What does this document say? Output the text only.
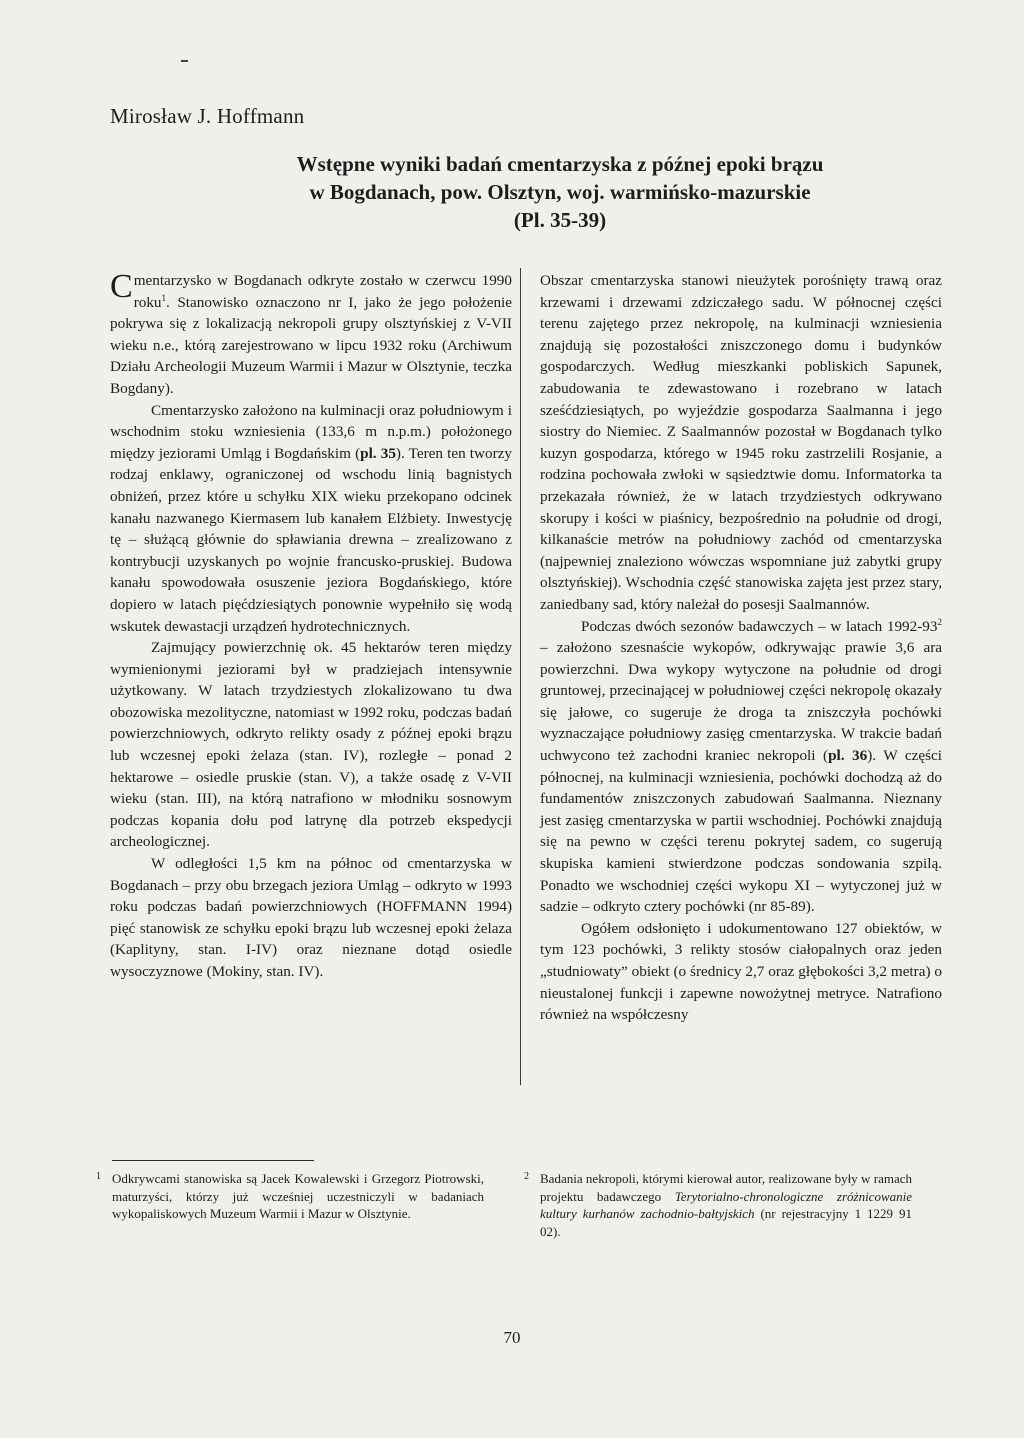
Mirosław J. Hoffmann
Wstępne wyniki badań cmentarzyska z późnej epoki brązu
w Bogdanach, pow. Olsztyn, woj. warmińsko-mazurskie
(Pl. 35-39)

Cmentarzysko w Bogdanach odkryte zostało w czerwcu 1990 roku$^1$. Stanowisko oznaczono nr I, jako że jego położenie pokrywa się z lokalizacją nekropoli grupy olsztyńskiej z V-VII wieku n.e., którą zarejestrowano w lipcu 1932 roku (Archiwum Działu Archeologii Muzeum Warmii i Mazur w Olsztynie, teczka Bogdany).

Cmentarzysko założono na kulminacji oraz południowym i wschodnim stoku wzniesienia (133,6 m n.p.m.) położonego między jeziorami Umląg i Bogdańskim (pl. 35). Teren ten tworzy rodzaj enklawy, ograniczonej od wschodu linią bagnistych obniżeń, przez które u schyłku XIX wieku przekopano odcinek kanału nazwanego Kiermasem lub kanałem Elżbiety. Inwestycję tę – służącą głównie do spławiania drewna – zrealizowano z kontrybucji uzyskanych po wojnie francusko-pruskiej. Budowa kanału spowodowała osuszenie jeziora Bogdańskiego, które dopiero w latach pięćdziesiątych ponownie wypełniło się wodą wskutek dewastacji urządzeń hydrotechnicznych.

Zajmujący powierzchnię ok. 45 hektarów teren między wymienionymi jeziorami był w pradziejach intensywnie użytkowany. W latach trzydziestych zlokalizowano tu dwa obozowiska mezolityczne, natomiast w 1992 roku, podczas badań powierzchniowych, odkryto relikty osady z późnej epoki brązu lub wczesnej epoki żelaza (stan. IV), rozległe – ponad 2 hektarowe – osiedle pruskie (stan. V), a także osadę z V-VII wieku (stan. III), na którą natrafiono w młodniku sosnowym podczas kopania dołu pod latrynę dla potrzeb ekspedycji archeologicznej.

W odległości 1,5 km na północ od cmentarzyska w Bogdanach – przy obu brzegach jeziora Umląg – odkryto w 1993 roku podczas badań powierzchniowych (HOFFMANN 1994) pięć stanowisk ze schyłku epoki brązu lub wczesnej epoki żelaza (Kaplityny, stan. I-IV) oraz nieznane dotąd osiedle wysoczyznowe (Mokiny, stan. IV).

Obszar cmentarzyska stanowi nieużytek porośnięty trawą oraz krzewami i drzewami zdziczałego sadu. W północnej części terenu zajętego przez nekropolę, na kulminacji wzniesienia znajdują się pozostałości zniszczonego domu i budynków gospodarczych. Według mieszkanki pobliskich Sapunek, zabudowania te zdewastowano i rozebrano w latach sześćdziesiątych, po wyjeździe gospodarza Saalmanna i jego siostry do Niemiec. Z Saalmannów pozostał w Bogdanach tylko kuzyn gospodarza, którego w 1945 roku zastrzelili Rosjanie, a rodzina pochowała zwłoki w sąsiedztwie domu. Informatorka ta przekazała również, że w latach trzydziestych odkrywano skorupy i kości w piaśnicy, bezpośrednio na południe od drogi, kilkanaście metrów na południowy zachód od cmentarzyska (najpewniej znaleziono wówczas wspomniane już zabytki grupy olsztyńskiej). Wschodnia część stanowiska zajęta jest przez stary, zaniedbany sad, który należał do posesji Saalmannów.

Podczas dwóch sezonów badawczych – w latach $1992-93^2$ – założono szesnaście wykopów, odkrywając prawie 3,6 ara powierzchni. Dwa wykopy wytyczone na południe od drogi gruntowej, przecinającej w południowej części nekropolę okazały się jałowe, co sugeruje że droga ta zniszczyła pochówki wyznaczające południowy zasięg cmentarzyska. W trakcie badań uchwycono też zachodni kraniec nekropoli (pl. 36). W części północnej, na kulminacji wzniesienia, pochówki dochodzą aż do fundamentów zniszczonych zabudowań Saalmanna. Nieznany jest zasięg cmentarzyska w partii wschodniej. Pochówki znajdują się na pewno w części terenu pokrytej sadem, co sugerują skupiska kamieni stwierdzone podczas sondowania szpilą. Ponadto we wschodniej części wykopu XI – wytyczonej już w sadzie – odkryto cztery pochówki (nr 85-89).

Ogółem odsłonięto i udokumentowano 127 obiektów, w tym 123 pochówki, 3 relikty stosów ciałopalnych oraz jeden „studniowaty” obiekt (o średnicy 2,7 oraz głębokości 3,2 metra) o nieustalonej funkcji i zapewne nowożytnej metryce. Natrafiono również na współczesny

1 Odkrywcami stanowiska są Jacek Kowalewski i Grzegorz Piotrowski, maturzyści, którzy już wcześniej uczestniczyli w badaniach wykopaliskowych Muzeum Warmii i Mazur w Olsztynie.
2 Badania nekropoli, którymi kierował autor, realizowane były w ramach projektu badawczego Terytorialno-chronologiczne zróżnicowanie kultury kurhanów zachodnio-bałtyjskich (nr rejestracyjny 1 1229 91 02).
70
